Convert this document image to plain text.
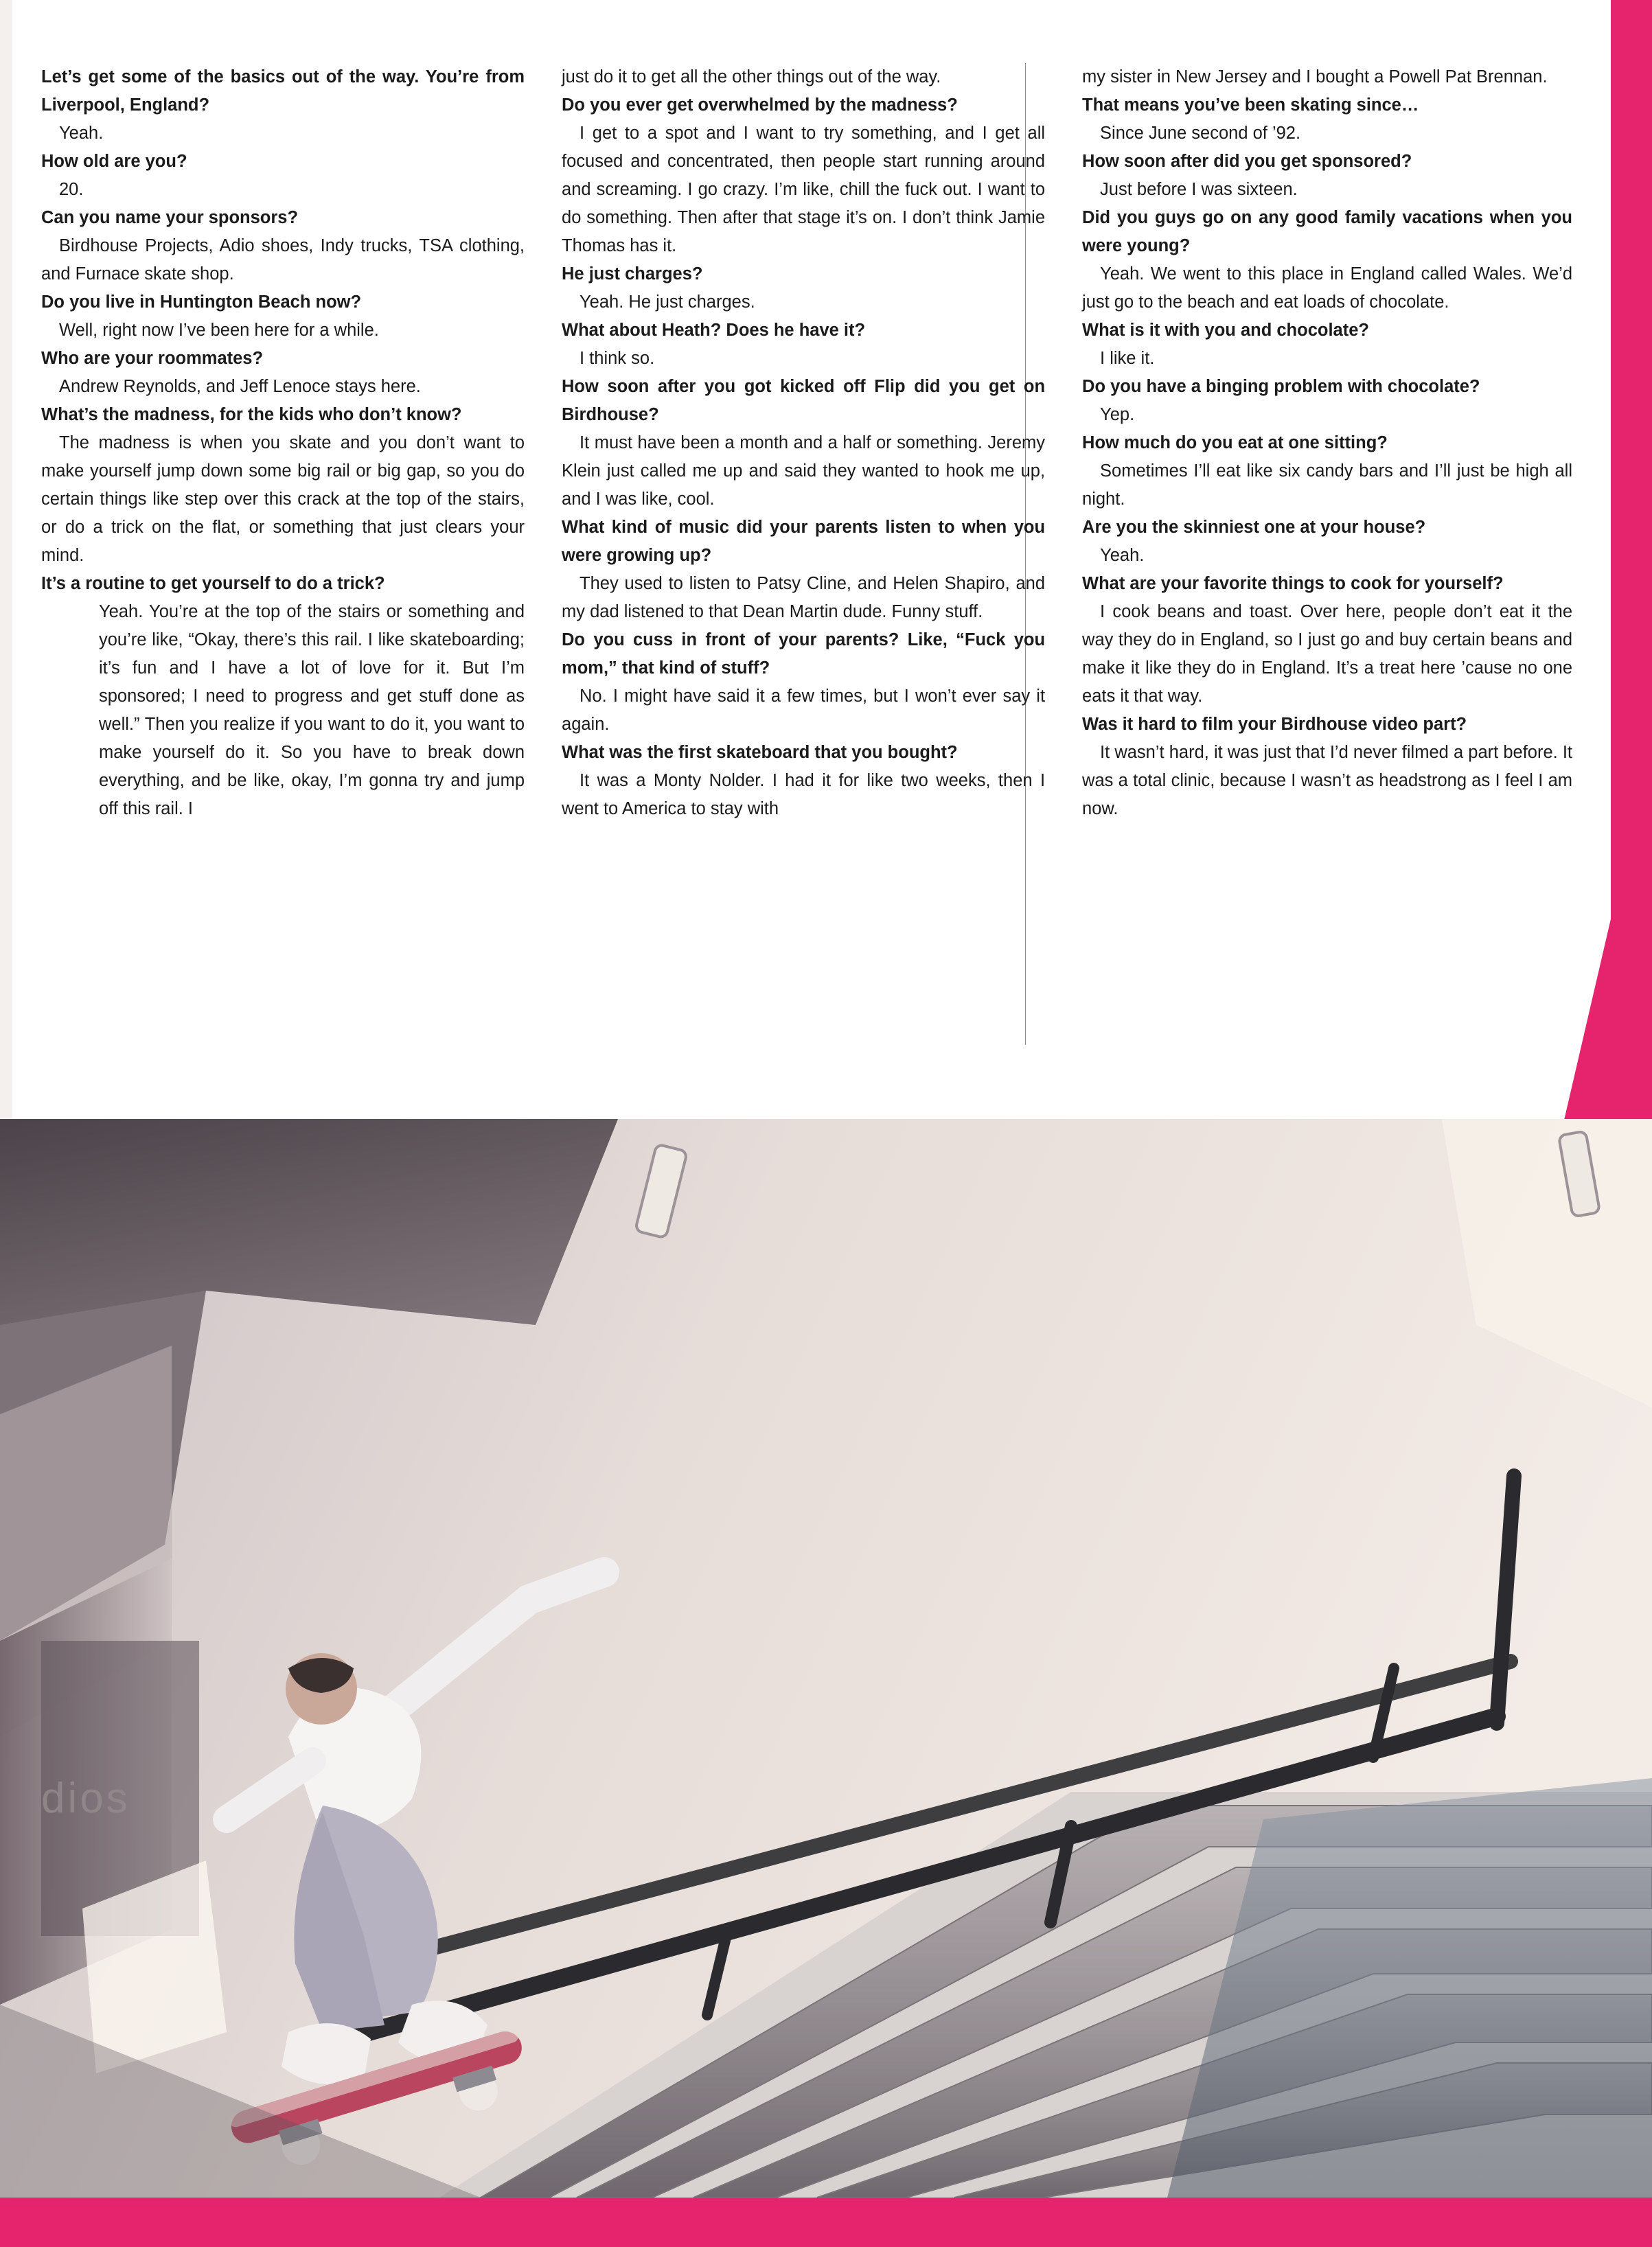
Let’s get some of the basics out of the way. You’re from Liverpool, England?

Yeah.

How old are you?

20.

Can you name your sponsors?

Birdhouse Projects, Adio shoes, Indy trucks, TSA clothing, and Furnace skate shop.

Do you live in Huntington Beach now?

Well, right now I’ve been here for a while.

Who are your roommates?

Andrew Reynolds, and Jeff Lenoce stays here.

What’s the madness, for the kids who don’t know?

The madness is when you skate and you don’t want to make yourself jump down some big rail or big gap, so you do certain things like step over this crack at the top of the stairs, or do a trick on the flat, or something that just clears your mind.

It’s a routine to get yourself to do a trick?

Yeah. You’re at the top of the stairs or something and you’re like, “Okay, there’s this rail. I like skateboarding; it’s fun and I have a lot of love for it. But I’m sponsored; I need to progress and get stuff done as well.” Then you realize if you want to do it, you want to make yourself do it. So you have to break down everything, and be like, okay, I’m gonna try and jump off this rail. I

just do it to get all the other things out of the way.

Do you ever get overwhelmed by the madness?

I get to a spot and I want to try something, and I get all focused and concentrated, then people start running around and screaming. I go crazy. I’m like, chill the fuck out. I want to do something. Then after that stage it’s on. I don’t think Jamie Thomas has it.

He just charges?

Yeah. He just charges.

What about Heath? Does he have it?

I think so.

How soon after you got kicked off Flip did you get on Birdhouse?

It must have been a month and a half or something. Jeremy Klein just called me up and said they wanted to hook me up, and I was like, cool.

What kind of music did your parents listen to when you were growing up?

They used to listen to Patsy Cline, and Helen Shapiro, and my dad listened to that Dean Martin dude. Funny stuff.

Do you cuss in front of your parents? Like, “Fuck you mom,” that kind of stuff?

No. I might have said it a few times, but I won’t ever say it again.

What was the first skateboard that you bought?

It was a Monty Nolder. I had it for like two weeks, then I went to America to stay with

my sister in New Jersey and I bought a Powell Pat Brennan.

That means you’ve been skating since…

Since June second of ’92.

How soon after did you get sponsored?

Just before I was sixteen.

Did you guys go on any good family vacations when you were young?

Yeah. We went to this place in England called Wales. We’d just go to the beach and eat loads of chocolate.

What is it with you and chocolate?

I like it.

Do you have a binging problem with chocolate?

Yep.

How much do you eat at one sitting?

Sometimes I’ll eat like six candy bars and I’ll just be high all night.

Are you the skinniest one at your house?

Yeah.

What are your favorite things to cook for yourself?

I cook beans and toast. Over here, people don’t eat it the way they do in England, so I just go and buy certain beans and make it like they do in England. It’s a treat here ’cause no one eats it that way.

Was it hard to film your Birdhouse video part?

It wasn’t hard, it was just that I’d never filmed a part before. It was a total clinic, because I wasn’t as headstrong as I feel I am now.
